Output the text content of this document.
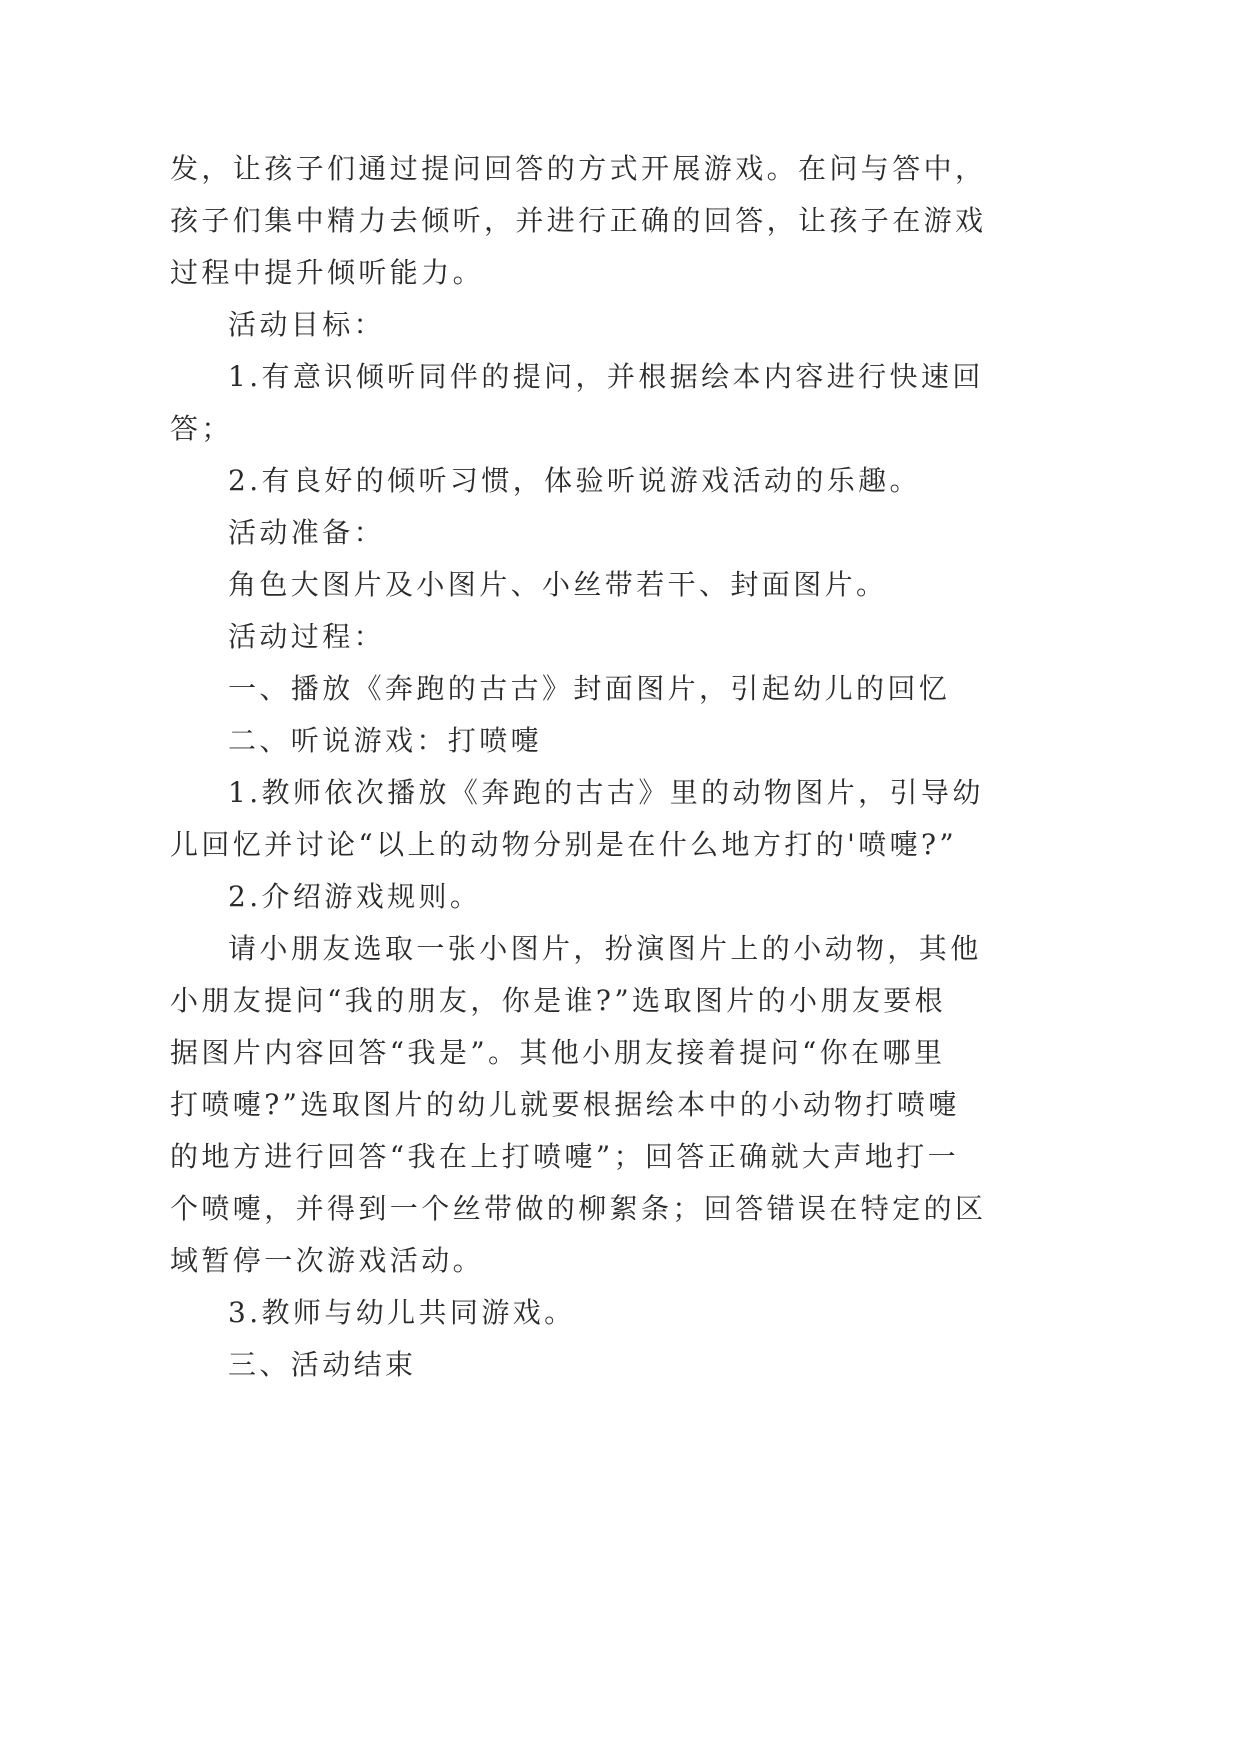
发，让孩子们通过提问回答的方式开展游戏。在问与答中，
孩子们集中精力去倾听，并进行正确的回答，让孩子在游戏
过程中提升倾听能力。
活动目标：
1.有意识倾听同伴的提问，并根据绘本内容进行快速回
答；
2.有良好的倾听习惯，体验听说游戏活动的乐趣。
活动准备：
角色大图片及小图片、小丝带若干、封面图片。
活动过程：
一、播放《奔跑的古古》封面图片，引起幼儿的回忆
二、听说游戏：打喷嚏
1.教师依次播放《奔跑的古古》里的动物图片，引导幼
儿回忆并讨论“以上的动物分别是在什么地方打的'喷嚏?”
2.介绍游戏规则。
请小朋友选取一张小图片，扮演图片上的小动物，其他
小朋友提问“我的朋友，你是谁?”选取图片的小朋友要根
据图片内容回答“我是”。其他小朋友接着提问“你在哪里
打喷嚏?”选取图片的幼儿就要根据绘本中的小动物打喷嚏
的地方进行回答“我在上打喷嚏”；回答正确就大声地打一
个喷嚏，并得到一个丝带做的柳絮条；回答错误在特定的区
域暂停一次游戏活动。
3.教师与幼儿共同游戏。
三、活动结束
